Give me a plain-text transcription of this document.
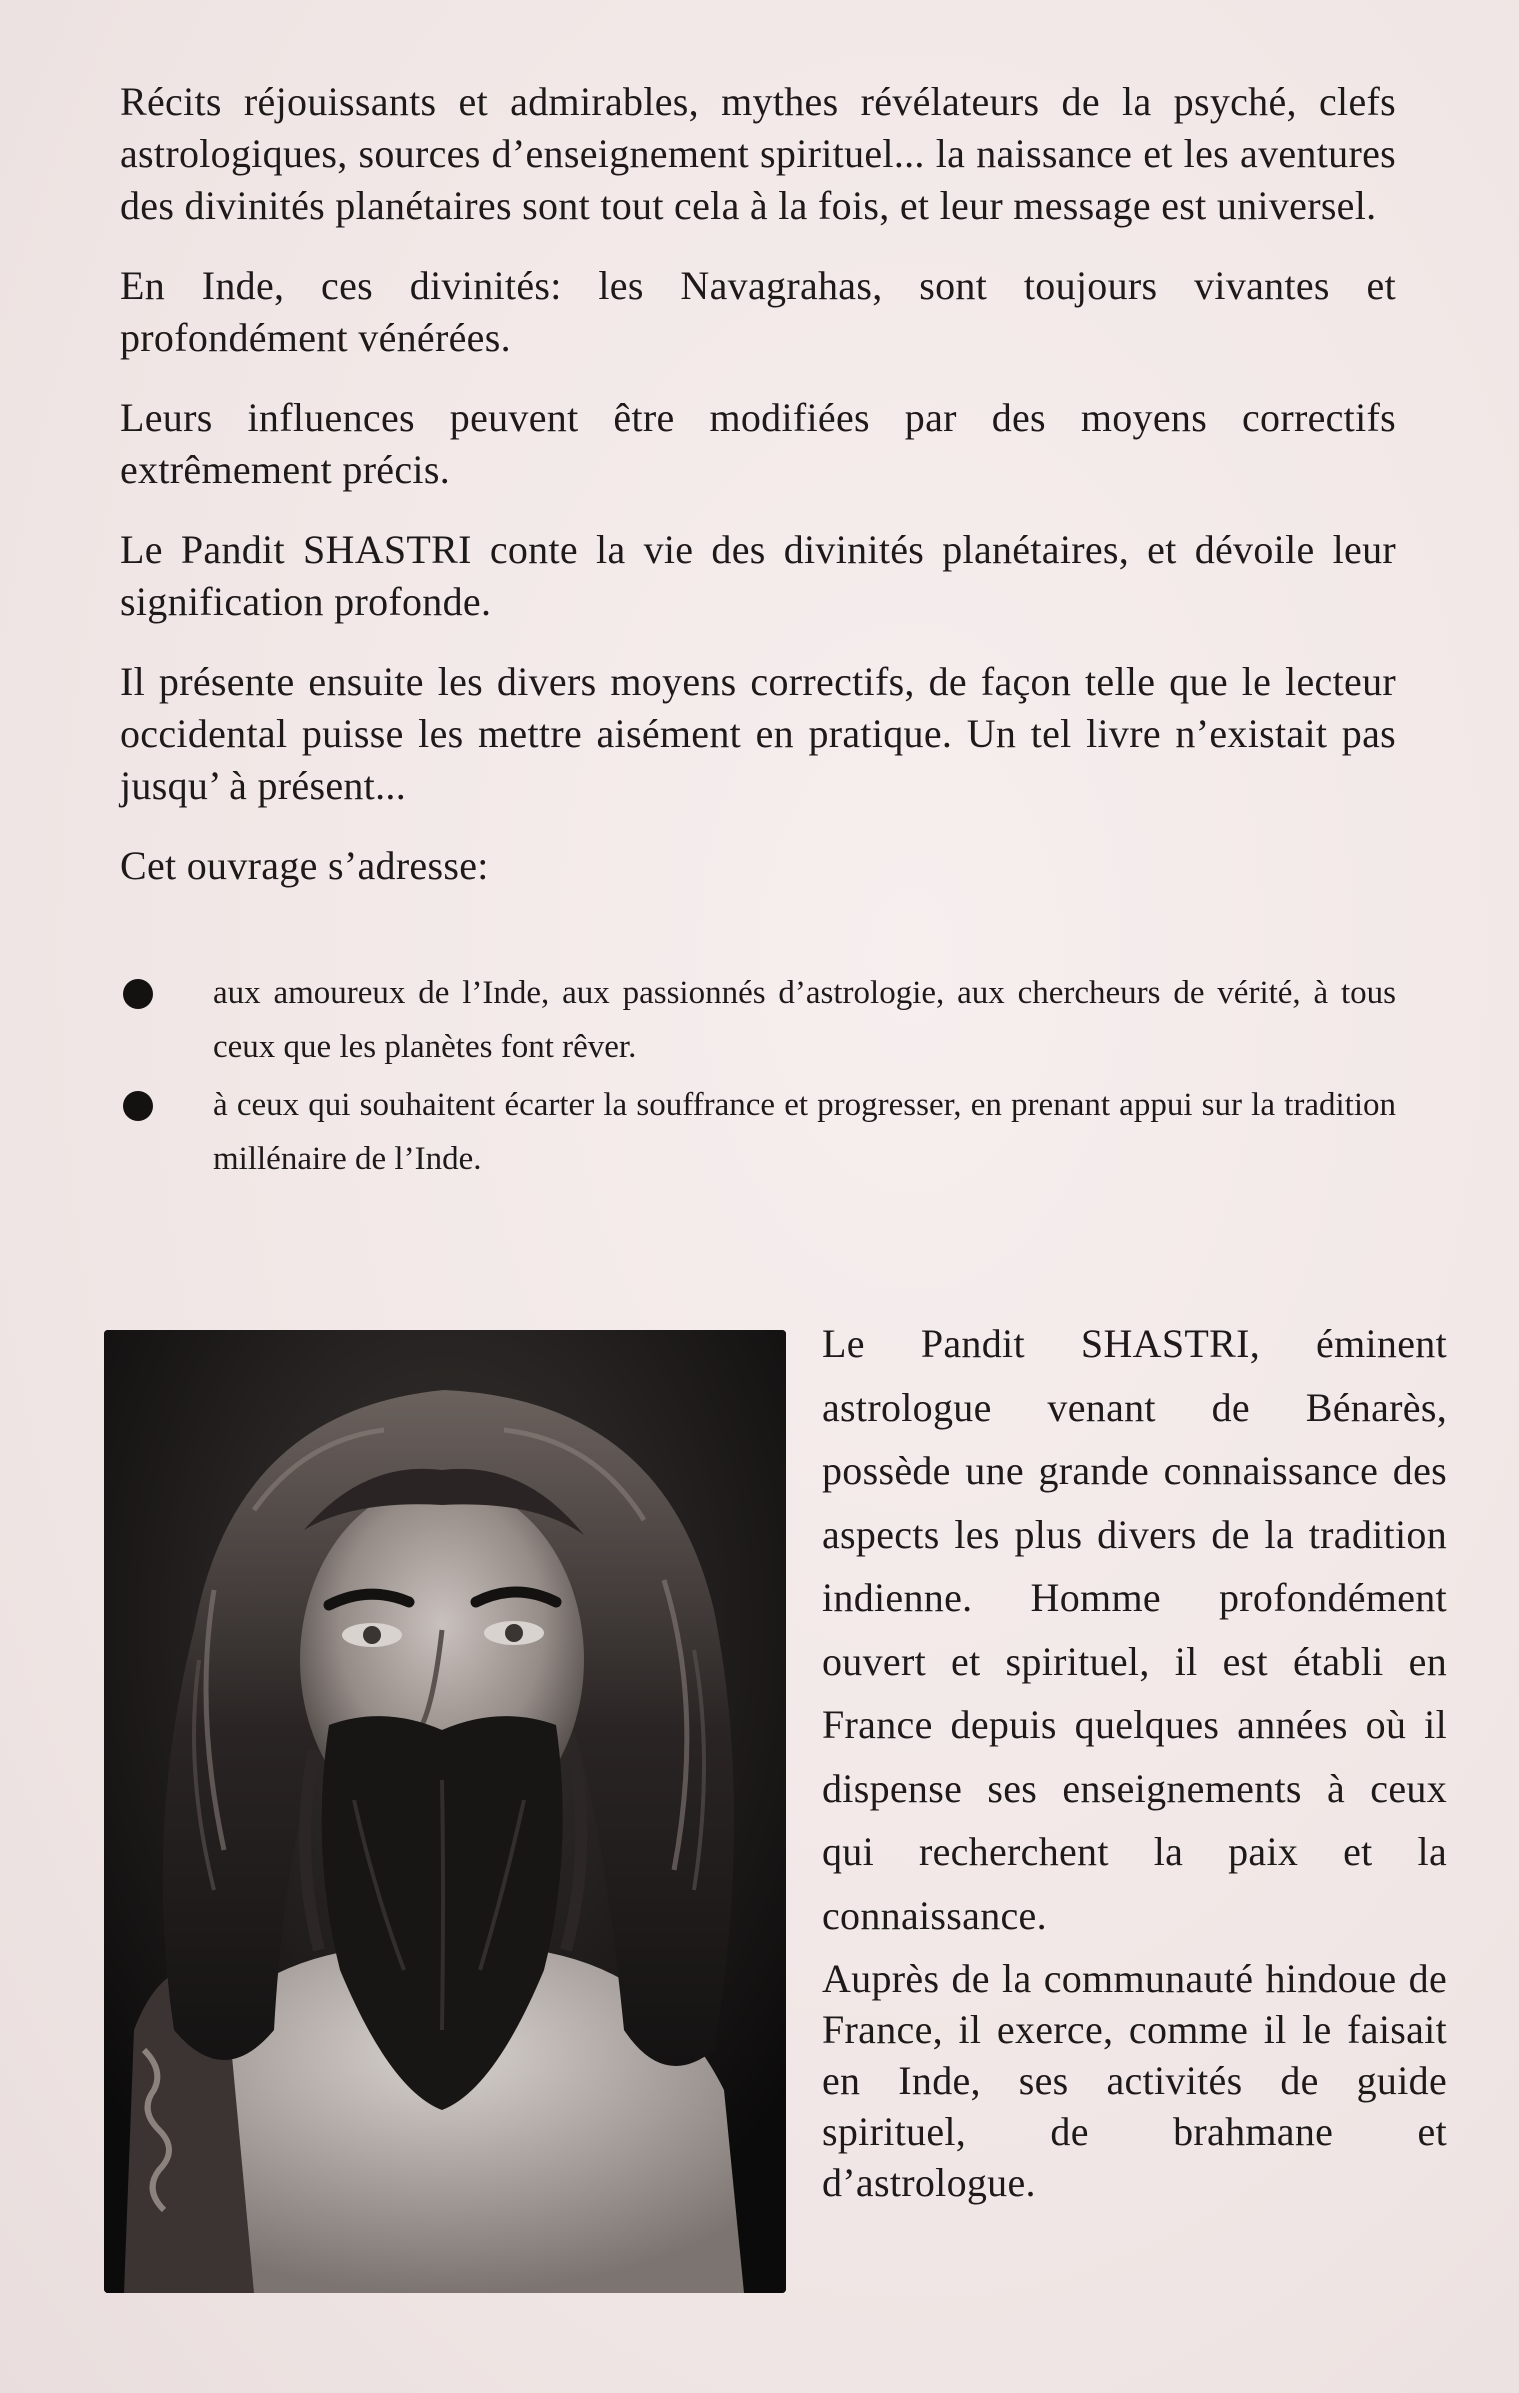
Récits réjouissants et admirables, mythes révélateurs de la psyché, clefs astrologiques, sources d’enseignement spirituel... la naissance et les aventures des divinités planétaires sont tout cela à la fois, et leur message est universel.

En Inde, ces divinités: les Navagrahas, sont toujours vivantes et profondément vénérées.

Leurs influences peuvent être modifiées par des moyens correctifs extrêmement précis.

Le Pandit SHASTRI conte la vie des divinités planétaires, et dévoile leur signification profonde.

Il présente ensuite les divers moyens correctifs, de façon telle que le lecteur occidental puisse les mettre aisément en pratique. Un tel livre n’existait pas jusqu’ à présent...

Cet ouvrage s’adresse:

aux amoureux de l’Inde, aux passionnés d’astrologie, aux chercheurs de vérité, à tous ceux que les planètes font rêver.
à ceux qui souhaitent écarter la souffrance et progresser, en prenant appui sur la tradition millénaire de l’Inde.

Le Pandit SHASTRI, éminent astrologue venant de Bénarès, possède une grande connaissance des aspects les plus divers de la tradition indienne. Homme profondément ouvert et spirituel, il est établi en France depuis quelques années où il dispense ses enseignements à ceux qui recherchent la paix et la connaissance.

Auprès de la communauté hindoue de France, il exerce, comme il le faisait en Inde, ses activités de guide spirituel, de brahmane et d’astrologue.
